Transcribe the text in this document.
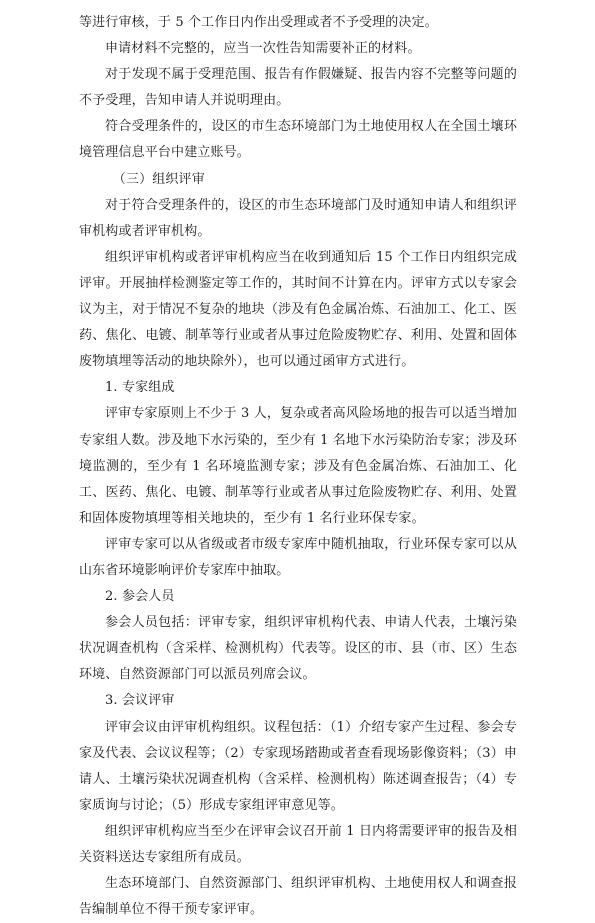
等进行审核，于 5 个工作日内作出受理或者不予受理的决定。

申请材料不完整的，应当一次性告知需要补正的材料。

对于发现不属于受理范围、报告有作假嫌疑、报告内容不完整等问题的不予受理，告知申请人并说明理由。

符合受理条件的，设区的市生态环境部门为土地使用权人在全国土壤环境管理信息平台中建立账号。

（三）组织评审

对于符合受理条件的，设区的市生态环境部门及时通知申请人和组织评审机构或者评审机构。

组织评审机构或者评审机构应当在收到通知后 15 个工作日内组织完成评审。开展抽样检测鉴定等工作的，其时间不计算在内。评审方式以专家会议为主，对于情况不复杂的地块（涉及有色金属冶炼、石油加工、化工、医药、焦化、电镀、制革等行业或者从事过危险废物贮存、利用、处置和固体废物填埋等活动的地块除外），也可以通过函审方式进行。

1. 专家组成

评审专家原则上不少于 3 人，复杂或者高风险场地的报告可以适当增加专家组人数。涉及地下水污染的，至少有 1 名地下水污染防治专家；涉及环境监测的，至少有 1 名环境监测专家；涉及有色金属冶炼、石油加工、化工、医药、焦化、电镀、制革等行业或者从事过危险废物贮存、利用、处置和固体废物填埋等相关地块的，至少有 1 名行业环保专家。

评审专家可以从省级或者市级专家库中随机抽取，行业环保专家可以从山东省环境影响评价专家库中抽取。

2. 参会人员

参会人员包括：评审专家，组织评审机构代表、申请人代表，土壤污染状况调查机构（含采样、检测机构）代表等。设区的市、县（市、区）生态环境、自然资源部门可以派员列席会议。

3. 会议评审

评审会议由评审机构组织。议程包括：（1）介绍专家产生过程、参会专家及代表、会议议程等；（2）专家现场踏勘或者查看现场影像资料；（3）申请人、土壤污染状况调查机构（含采样、检测机构）陈述调查报告；（4）专家质询与讨论；（5）形成专家组评审意见等。

组织评审机构应当至少在评审会议召开前 1 日内将需要评审的报告及相关资料送达专家组所有成员。

生态环境部门、自然资源部门、组织评审机构、土地使用权人和调查报告编制单位不得干预专家评审。
